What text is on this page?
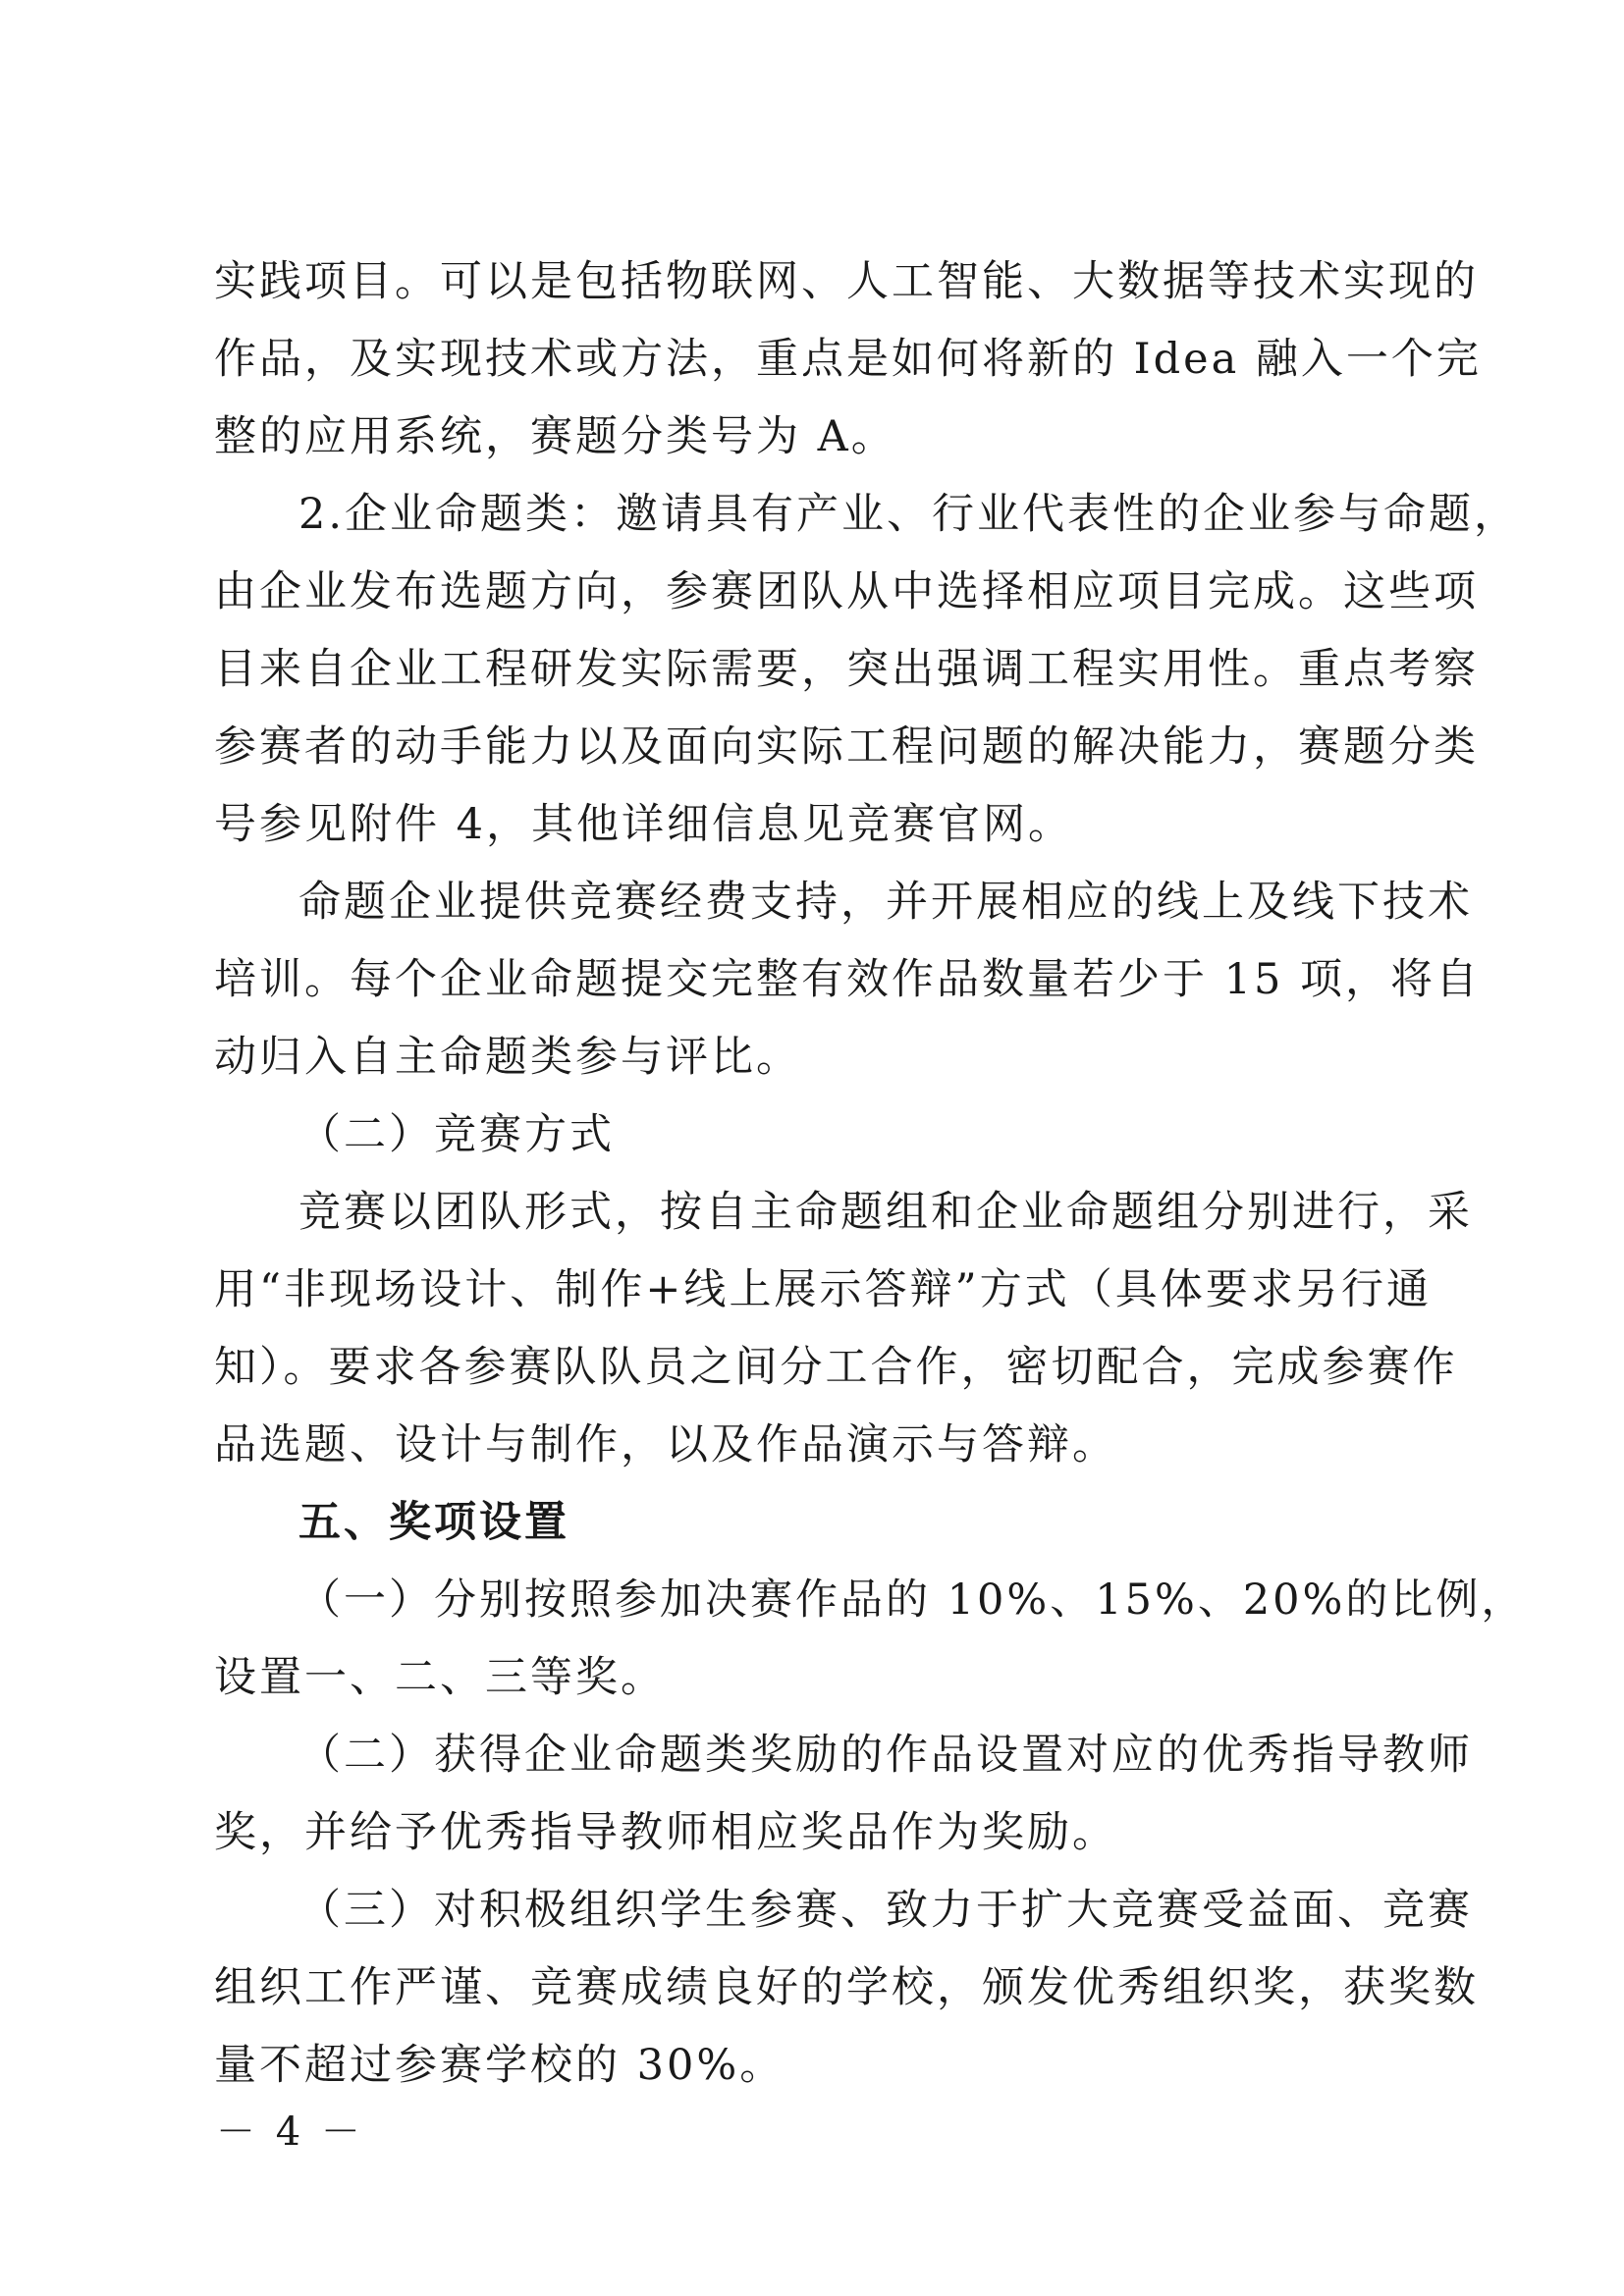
实践项目。可以是包括物联网、人工智能、大数据等技术实现的
作品，及实现技术或方法，重点是如何将新的 Idea 融入一个完
整的应用系统，赛题分类号为 A。
2.企业命题类：邀请具有产业、行业代表性的企业参与命题，
由企业发布选题方向，参赛团队从中选择相应项目完成。这些项
目来自企业工程研发实际需要，突出强调工程实用性。重点考察
参赛者的动手能力以及面向实际工程问题的解决能力，赛题分类
号参见附件 4，其他详细信息见竞赛官网。
命题企业提供竞赛经费支持，并开展相应的线上及线下技术
培训。每个企业命题提交完整有效作品数量若少于 15 项，将自
动归入自主命题类参与评比。
（二）竞赛方式
竞赛以团队形式，按自主命题组和企业命题组分别进行，采
用“非现场设计、制作+线上展示答辩”方式（具体要求另行通
知）。要求各参赛队队员之间分工合作，密切配合，完成参赛作
品选题、设计与制作，以及作品演示与答辩。
五、奖项设置
（一）分别按照参加决赛作品的 10%、15%、20%的比例，
设置一、二、三等奖。
（二）获得企业命题类奖励的作品设置对应的优秀指导教师
奖，并给予优秀指导教师相应奖品作为奖励。
（三）对积极组织学生参赛、致力于扩大竞赛受益面、竞赛
组织工作严谨、竞赛成绩良好的学校，颁发优秀组织奖，获奖数
量不超过参赛学校的 30%。
－ 4 －
